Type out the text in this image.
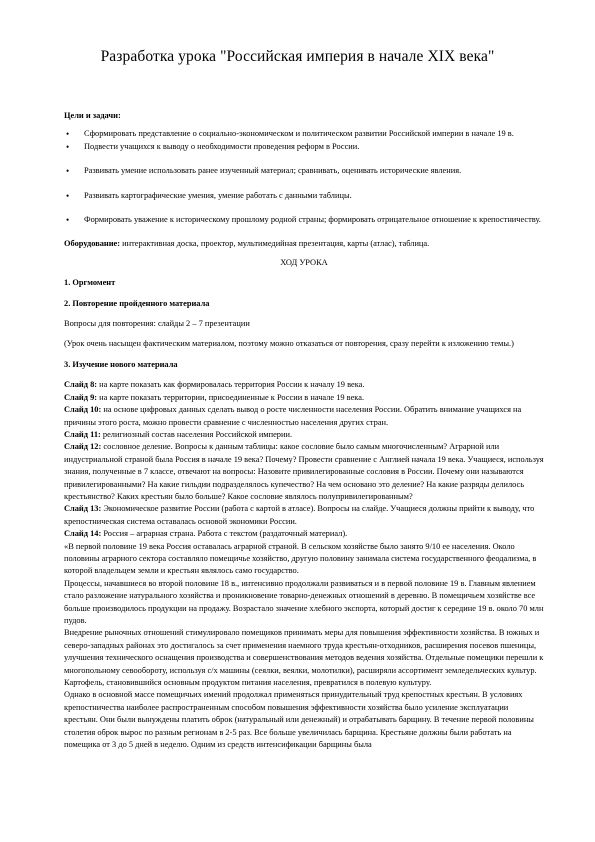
Разработка урока "Российская империя в начале XIX века"
Цели и задачи:
• Сформировать представление о социально-экономическом и политическом развитии Российской империи в начале 19 в.
• Подвести учащихся к выводу о необходимости проведения реформ в России.
• Развивать умение использовать ранее изученный материал; сравнивать, оценивать исторические явления.
• Развивать картографические умения, умение работать с данными таблицы.
• Формировать уважение к историческому прошлому родной страны; формировать отрицательное отношение к крепостничеству.
Оборудование: интерактивная доска, проектор, мультимедийная презентация, карты (атлас), таблица.
ХОД УРОКА
1. Оргмомент
2. Повторение пройденного материала
Вопросы для повторения: слайды 2 – 7 презентации
(Урок очень насыщен фактическим материалом, поэтому можно отказаться от повторения, сразу перейти к изложению темы.)
3. Изучение нового материала
Слайд 8: на карте показать как формировалась территория России к началу 19 века.
Слайд 9: на карте показать территории, присоединенные к России в начале 19 века.
Слайд 10: на основе цифровых данных сделать вывод о росте численности населения России. Обратить внимание учащихся на причины этого роста, можно провести сравнение с численностью населения других стран.
Слайд 11: религиозный состав населения Российской империи.
Слайд 12: сословное деление. Вопросы к данным таблицы: какое сословие было самым многочисленным? Аграрной или индустриальной страной была Россия в начале 19 века? Почему? Провести сравнение с Англией начала 19 века. Учащиеся, используя знания, полученные в 7 классе, отвечают на вопросы: Назовите привилегированные сословия в России. Почему они называются привилегированными? На какие гильдии подразделялось купечество? На чем основано это деление? На какие разряды делилось крестьянство? Каких крестьян было больше? Какое сословие являлось полупривилегированным?
Слайд 13: Экономическое развитие России (работа с картой в атласе). Вопросы на слайде. Учащиеся должны прийти к выводу, что крепостническая система оставалась основой экономики России.
Слайд 14: Россия – аграрная страна. Работа с текстом (раздаточный материал).
«В первой половине 19 века Россия оставалась аграрной страной. В сельском хозяйстве было занято 9/10 ее населения. Около половины аграрного сектора составляло помещичье хозяйство, другую половину занимала система государственного феодализма, в которой владельцем земли и крестьян являлось само государство.
Процессы, начавшиеся во второй половине 18 в., интенсивно продолжали развиваться и в первой половине 19 в. Главным явлением стало разложение натурального хозяйства и проникновение товарно-денежных отношений в деревню. В помещичьем хозяйстве все больше производилось продукции на продажу. Возрастало значение хлебного экспорта, который достиг к середине 19 в. около 70 млн пудов.
Внедрение рыночных отношений стимулировало помещиков принимать меры для повышения эффективности хозяйства. В южных и северо-западных районах это достигалось за счет применения наемного труда крестьян-отходников, расширения посевов пшеницы, улучшения технического оснащения производства и совершенствования методов ведения хозяйства. Отдельные помещики перешли к многопольному севообороту, используя с/х машины (сеялки, веялки, молотилки), расширяли ассортимент земледельческих культур. Картофель, становившийся основным продуктом питания населения, превратился в полевую культуру.
Однако в основной массе помещичьих имений продолжал применяться принудительный труд крепостных крестьян. В условиях крепостничества наиболее распространенным способом повышения эффективности хозяйства было усиление эксплуатации крестьян. Они были вынуждены платить оброк (натуральный или денежный) и отрабатывать барщину. В течение первой половины столетия оброк вырос по разным регионам в 2-5 раз. Все больше увеличилась барщина. Крестьяне должны были работать на помещика от 3 до 5 дней в неделю. Одним из средств интенсификации барщины была
